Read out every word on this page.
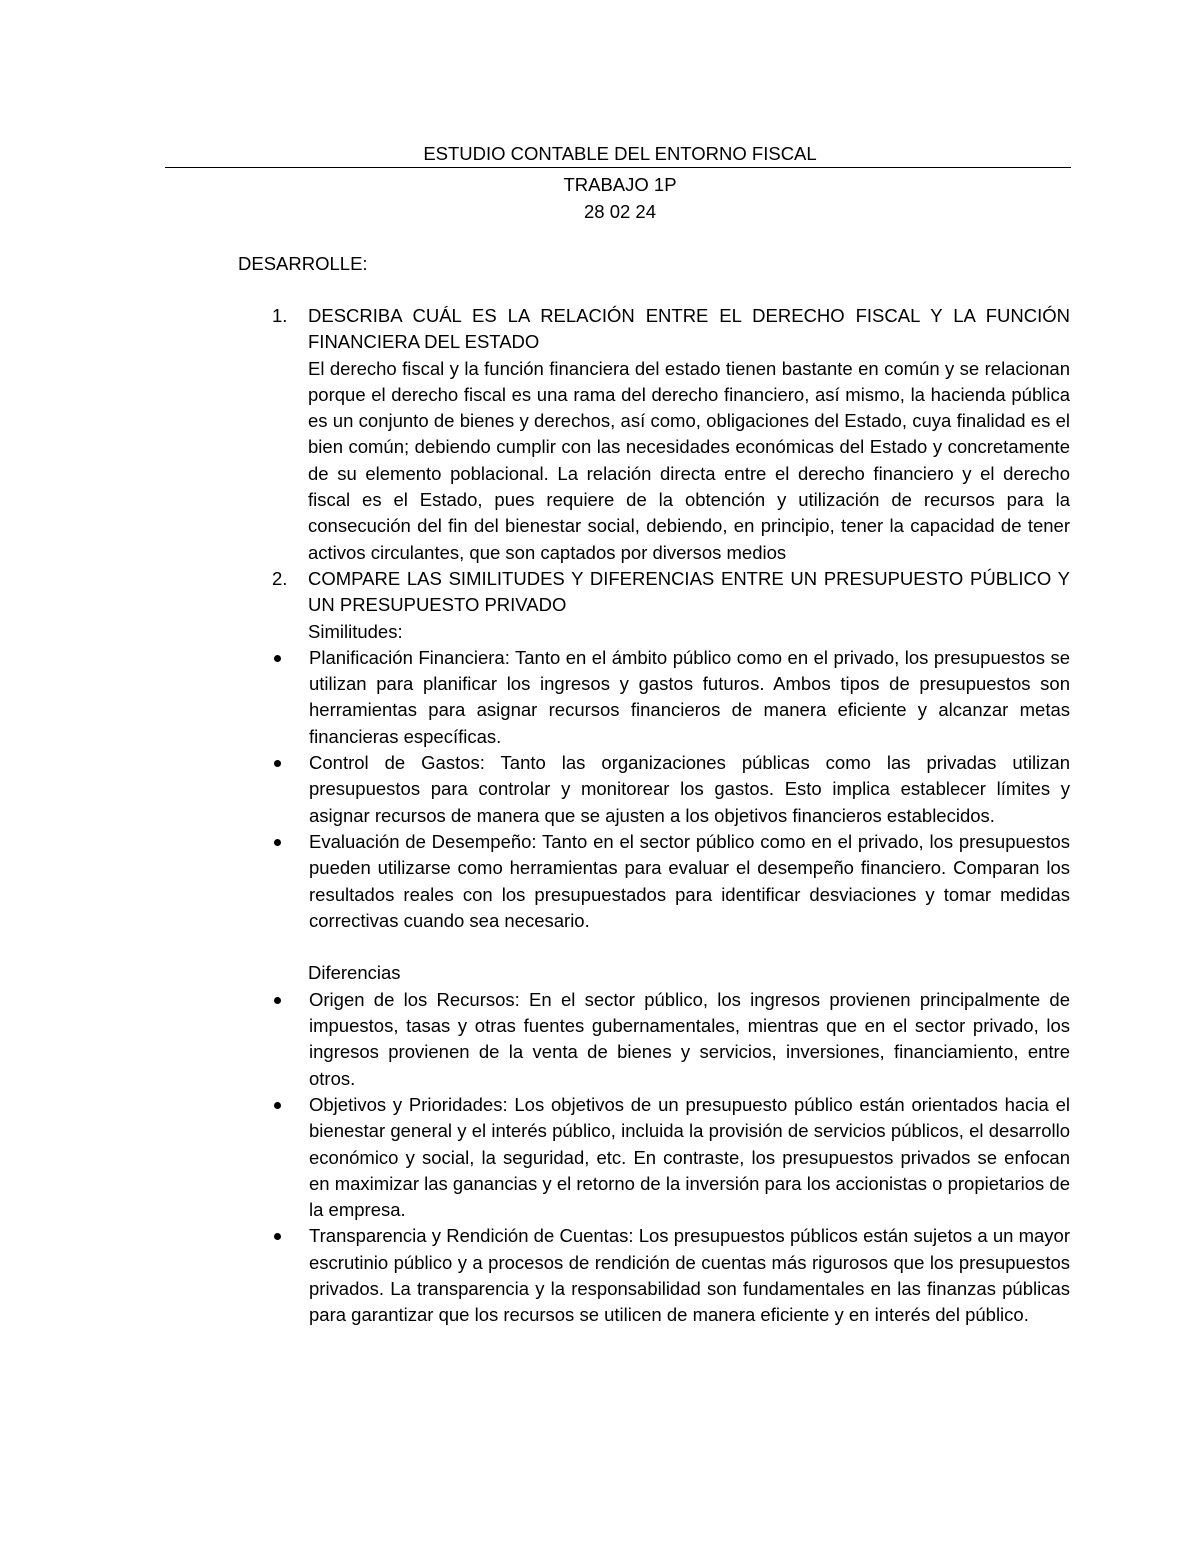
ESTUDIO CONTABLE DEL ENTORNO FISCAL
TRABAJO 1P
28 02 24
DESARROLLE:
1. DESCRIBA CUÁL ES LA RELACIÓN ENTRE EL DERECHO FISCAL Y LA FUNCIÓN FINANCIERA DEL ESTADO
El derecho fiscal y la función financiera del estado tienen bastante en común y se relacionan porque el derecho fiscal es una rama del derecho financiero, así mismo, la hacienda pública es un conjunto de bienes y derechos, así como, obligaciones del Estado, cuya finalidad es el bien común; debiendo cumplir con las necesidades económicas del Estado y concretamente de su elemento poblacional. La relación directa entre el derecho financiero y el derecho fiscal es el Estado, pues requiere de la obtención y utilización de recursos para la consecución del fin del bienestar social, debiendo, en principio, tener la capacidad de tener activos circulantes, que son captados por diversos medios
2. COMPARE LAS SIMILITUDES Y DIFERENCIAS ENTRE UN PRESUPUESTO PÚBLICO Y UN PRESUPUESTO PRIVADO
Similitudes:
Planificación Financiera: Tanto en el ámbito público como en el privado, los presupuestos se utilizan para planificar los ingresos y gastos futuros. Ambos tipos de presupuestos son herramientas para asignar recursos financieros de manera eficiente y alcanzar metas financieras específicas.
Control de Gastos: Tanto las organizaciones públicas como las privadas utilizan presupuestos para controlar y monitorear los gastos. Esto implica establecer límites y asignar recursos de manera que se ajusten a los objetivos financieros establecidos.
Evaluación de Desempeño: Tanto en el sector público como en el privado, los presupuestos pueden utilizarse como herramientas para evaluar el desempeño financiero. Comparan los resultados reales con los presupuestados para identificar desviaciones y tomar medidas correctivas cuando sea necesario.
Diferencias
Origen de los Recursos: En el sector público, los ingresos provienen principalmente de impuestos, tasas y otras fuentes gubernamentales, mientras que en el sector privado, los ingresos provienen de la venta de bienes y servicios, inversiones, financiamiento, entre otros.
Objetivos y Prioridades: Los objetivos de un presupuesto público están orientados hacia el bienestar general y el interés público, incluida la provisión de servicios públicos, el desarrollo económico y social, la seguridad, etc. En contraste, los presupuestos privados se enfocan en maximizar las ganancias y el retorno de la inversión para los accionistas o propietarios de la empresa.
Transparencia y Rendición de Cuentas: Los presupuestos públicos están sujetos a un mayor escrutinio público y a procesos de rendición de cuentas más rigurosos que los presupuestos privados. La transparencia y la responsabilidad son fundamentales en las finanzas públicas para garantizar que los recursos se utilicen de manera eficiente y en interés del público.
